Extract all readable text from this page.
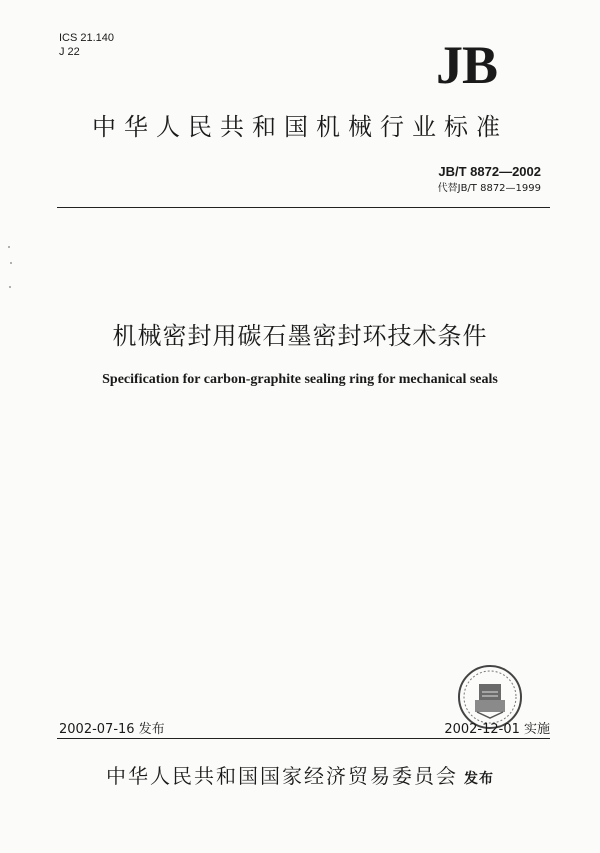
ICS 21.140
J 22	JB
中华人民共和国机械行业标准
JB/T 8872—2002
代替JB/T 8872—1999
机械密封用碳石墨密封环技术条件
Specification for carbon-graphite sealing ring for mechanical seals
2002-07-16 发布	2002-12-01 实施
中华人民共和国国家经济贸易委员会 发布
